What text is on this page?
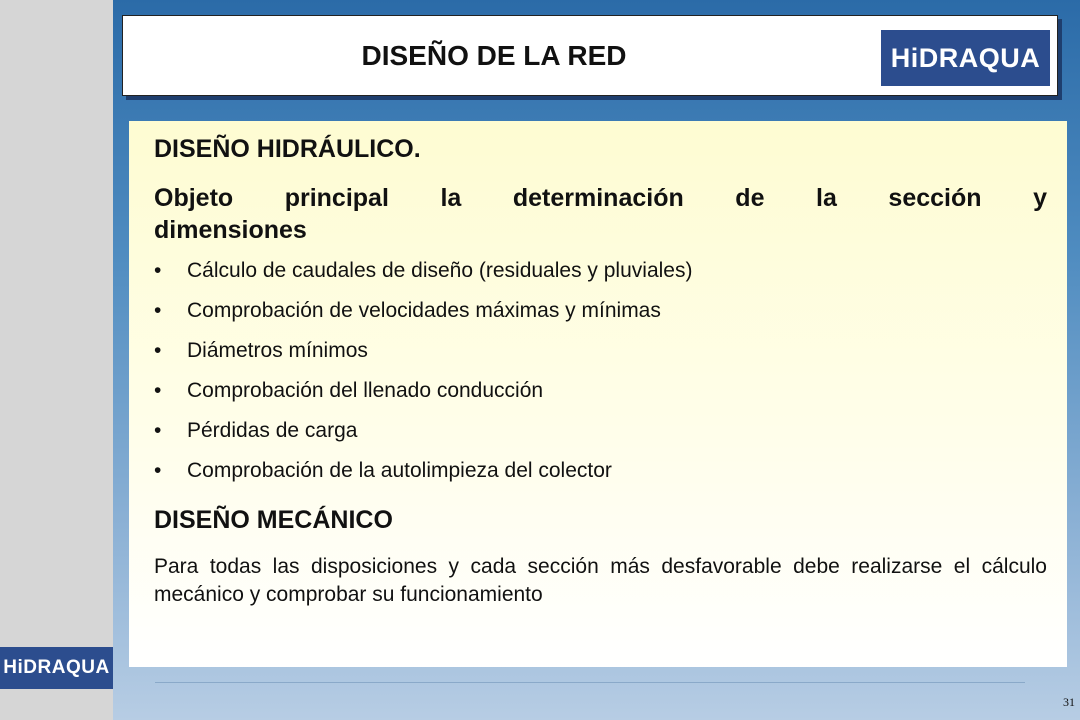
HiDRAQUA
DISEÑO DE LA RED	HiDRAQUA
DISEÑO HIDRÁULICO.
Objeto principal la determinación de la sección y
dimensiones
• Cálculo de caudales de diseño (residuales y pluviales)
• Comprobación de velocidades máximas y mínimas
• Diámetros mínimos
• Comprobación del llenado conducción
• Pérdidas de carga
• Comprobación de la autolimpieza del colector
DISEÑO MECÁNICO
Para todas las disposiciones y cada sección más desfavorable debe realizarse el cálculo mecánico y comprobar su funcionamiento
31
